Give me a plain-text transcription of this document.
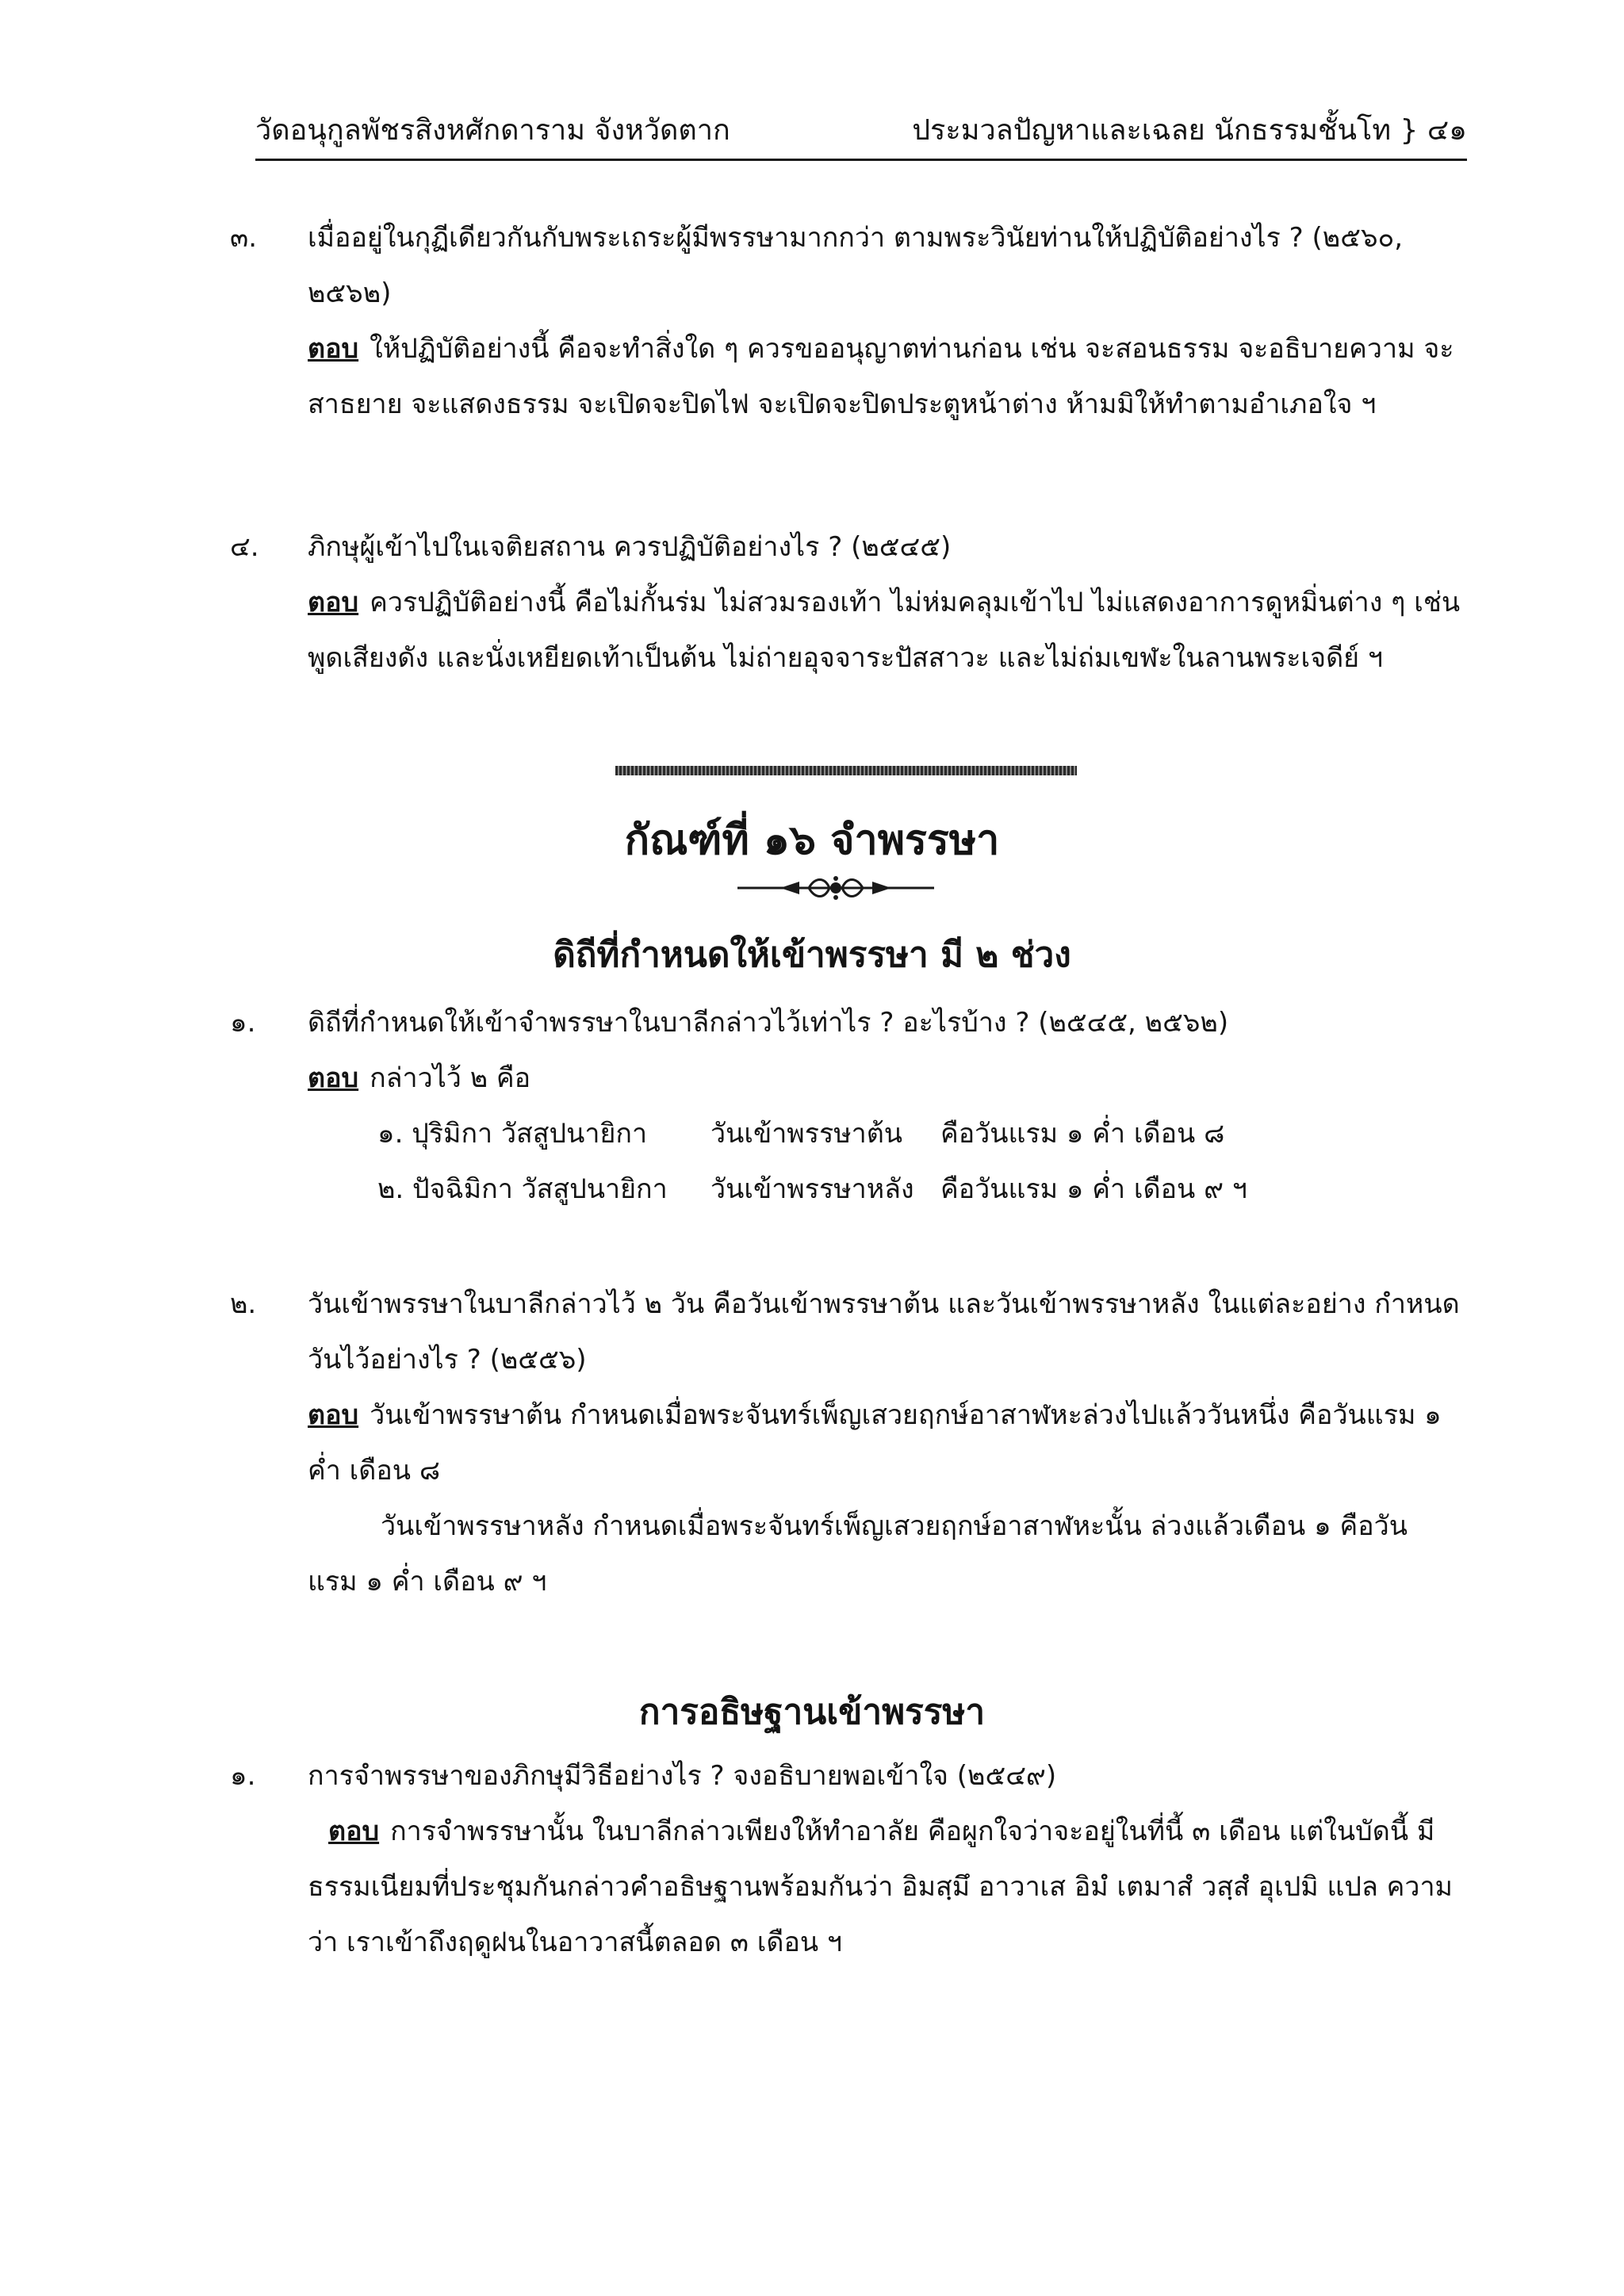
วัดอนุกูลพัชรสิงหศักดาราม จังหวัดตาก	ประมวลปัญหาและเฉลย นักธรรมชั้นโท } ๔๑
๓. เมื่ออยู่ในกุฏีเดียวกันกับพระเถระผู้มีพรรษามากกว่า ตามพระวินัยท่านให้ปฏิบัติอย่างไร ? (๒๕๖๐, ๒๕๖๒)
ตอบ ให้ปฏิบัติอย่างนี้ คือจะทำสิ่งใด ๆ ควรขออนุญาตท่านก่อน เช่น จะสอนธรรม จะอธิบายความ จะสาธยาย จะแสดงธรรม จะเปิดจะปิดไฟ จะเปิดจะปิดประตูหน้าต่าง ห้ามมิให้ทำตามอำเภอใจ ฯ
๔. ภิกษุผู้เข้าไปในเจติยสถาน ควรปฏิบัติอย่างไร ? (๒๕๔๕)
ตอบ ควรปฏิบัติอย่างนี้ คือไม่กั้นร่ม ไม่สวมรองเท้า ไม่ห่มคลุมเข้าไป ไม่แสดงอาการดูหมิ่นต่าง ๆ เช่นพูดเสียงดัง และนั่งเหยียดเท้าเป็นต้น ไม่ถ่ายอุจจาระปัสสาวะ และไม่ถ่มเขฬะในลานพระเจดีย์ ฯ
กัณฑ์ที่ ๑๖ จำพรรษา
ดิถีที่กำหนดให้เข้าพรรษา มี ๒ ช่วง
๑. ดิถีที่กำหนดให้เข้าจำพรรษาในบาลีกล่าวไว้เท่าไร ? อะไรบ้าง ? (๒๕๔๕, ๒๕๖๒)
ตอบ กล่าวไว้ ๒ คือ
๑. ปุริมิกา วัสสูปนายิกา วันเข้าพรรษาต้น คือวันแรม ๑ ค่ำ เดือน ๘
๒. ปัจฉิมิกา วัสสูปนายิกา วันเข้าพรรษาหลัง คือวันแรม ๑ ค่ำ เดือน ๙ ฯ
๒. วันเข้าพรรษาในบาลีกล่าวไว้ ๒ วัน คือวันเข้าพรรษาต้น และวันเข้าพรรษาหลัง ในแต่ละอย่าง กำหนดวันไว้อย่างไร ? (๒๕๕๖)
ตอบ วันเข้าพรรษาต้น กำหนดเมื่อพระจันทร์เพ็ญเสวยฤกษ์อาสาฬหะล่วงไปแล้ววันหนึ่ง คือวันแรม ๑ ค่ำ เดือน ๘
วันเข้าพรรษาหลัง กำหนดเมื่อพระจันทร์เพ็ญเสวยฤกษ์อาสาฬหะนั้น ล่วงแล้วเดือน ๑ คือวัน
แรม ๑ ค่ำ เดือน ๙ ฯ
การอธิษฐานเข้าพรรษา
๑. การจำพรรษาของภิกษุมีวิธีอย่างไร ? จงอธิบายพอเข้าใจ (๒๕๔๙)
ตอบ การจำพรรษานั้น ในบาลีกล่าวเพียงให้ทำอาลัย คือผูกใจว่าจะอยู่ในที่นี้ ๓ เดือน แต่ในบัดนี้ มีธรรมเนียมที่ประชุมกันกล่าวคำอธิษฐานพร้อมกันว่า อิมสฺมึ อาวาเส อิมํ เตมาสํ วสฺสํ อุเปมิ แปล ความว่า เราเข้าถึงฤดูฝนในอาวาสนี้ตลอด ๓ เดือน ฯ
